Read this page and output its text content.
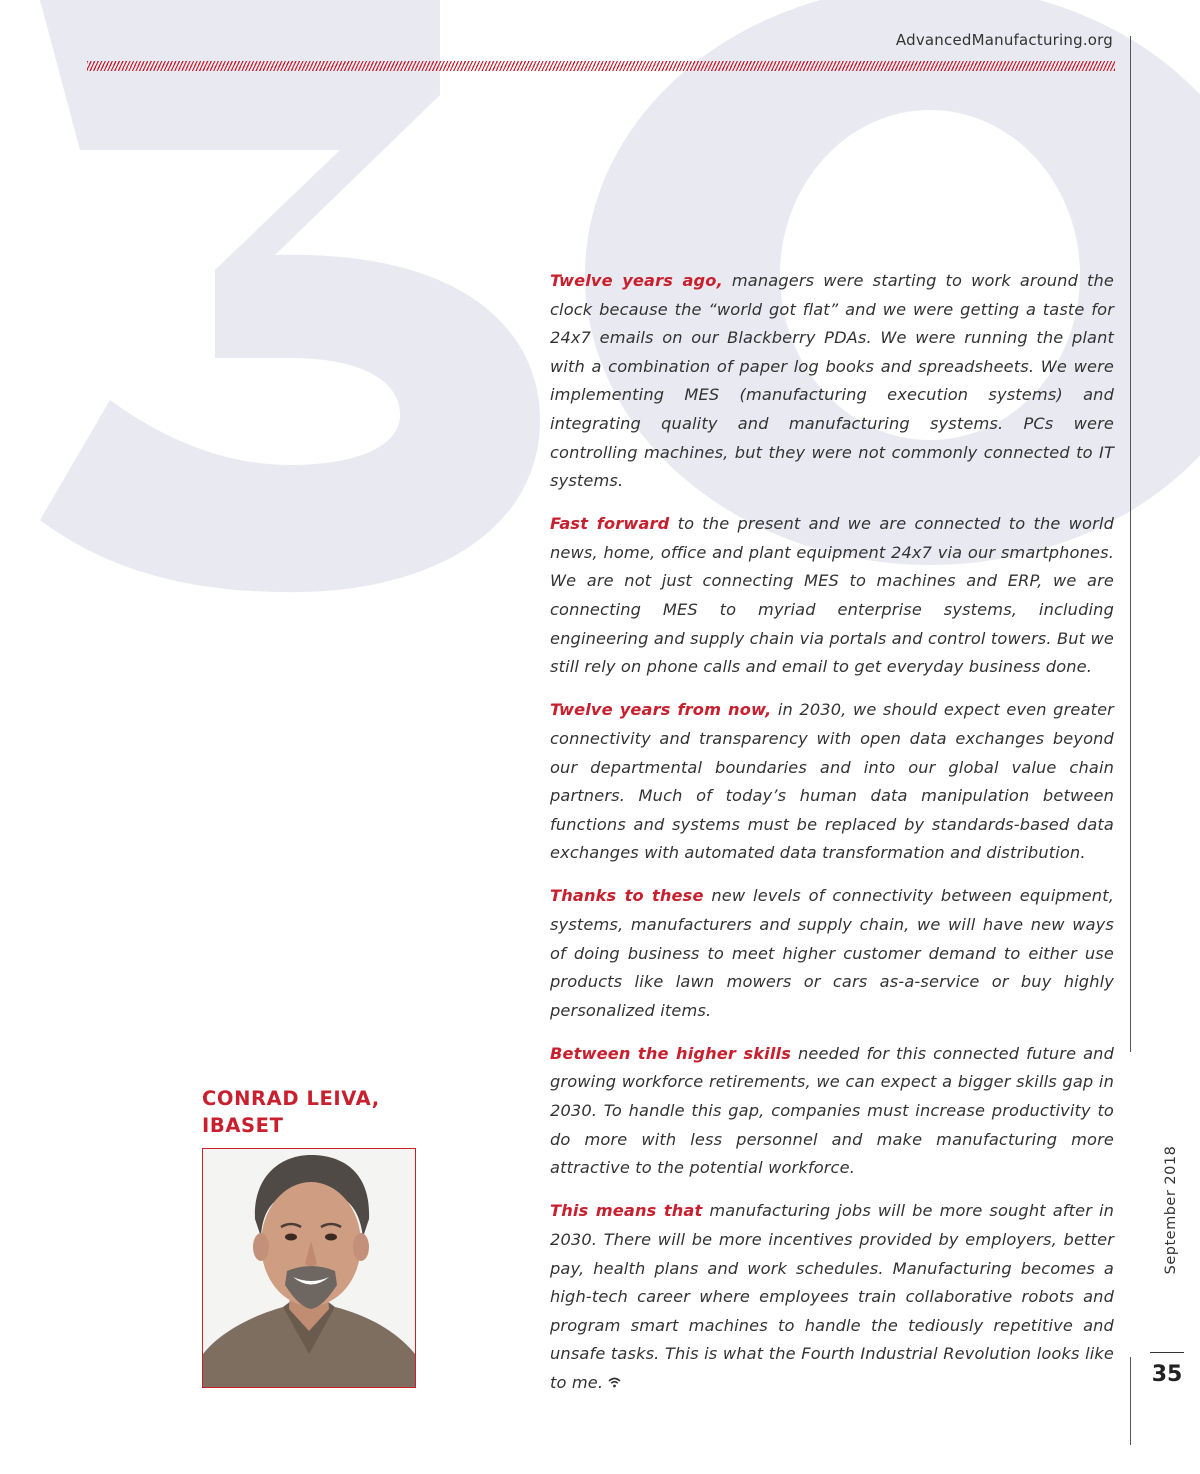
AdvancedManufacturing.org
September 2018
35
CONRAD LEIVA,
IBASET

Twelve years ago, managers were starting to work around the clock because the “world got flat” and we were getting a taste for 24x7 emails on our Blackberry PDAs. We were running the plant with a combination of paper log books and spreadsheets. We were implementing MES (manufacturing execution systems) and integrating quality and manufacturing systems. PCs were controlling machines, but they were not commonly connected to IT systems.

Fast forward to the present and we are connected to the world news, home, office and plant equipment 24x7 via our smartphones. We are not just connecting MES to machines and ERP, we are connecting MES to myriad enterprise systems, including engineering and supply chain via portals and control towers. But we still rely on phone calls and email to get everyday business done.

Twelve years from now, in 2030, we should expect even greater connectivity and transparency with open data exchanges beyond our departmental boundaries and into our global value chain partners. Much of today’s human data manipulation between functions and systems must be replaced by standards-based data exchanges with automated data transformation and distribution.

Thanks to these new levels of connectivity between equipment, systems, manufacturers and supply chain, we will have new ways of doing business to meet higher customer demand to either use products like lawn mowers or cars as-a-service or buy highly personalized items.

Between the higher skills needed for this connected future and growing workforce retirements, we can expect a bigger skills gap in 2030. To handle this gap, companies must increase productivity to do more with less personnel and make manufacturing more attractive to the potential workforce.

This means that manufacturing jobs will be more sought after in 2030. There will be more incentives provided by employers, better pay, health plans and work schedules. Manufacturing becomes a high-tech career where employees train collaborative robots and program smart machines to handle the tediously repetitive and unsafe tasks. This is what the Fourth Industrial Revolution looks like to me.
